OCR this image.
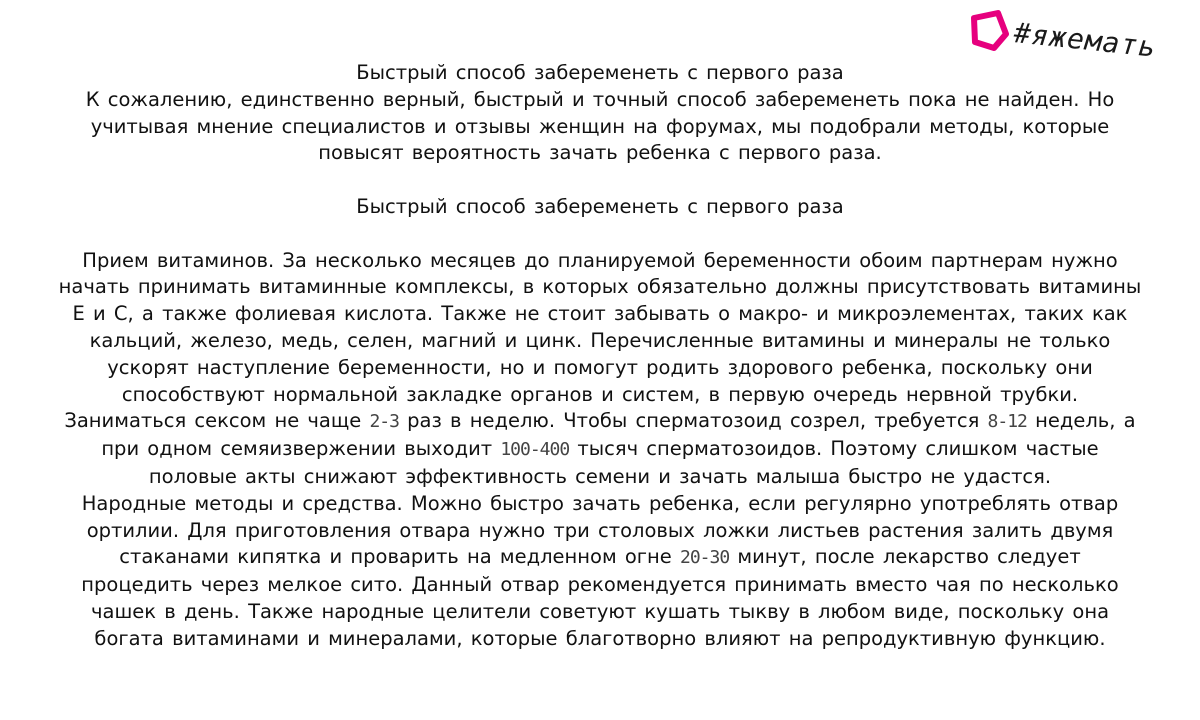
#яжемать
Быстрый способ забеременеть с первого раза
К сожалению, единственно верный, быстрый и точный способ забеременеть пока не найден. Но
учитывая мнение специалистов и отзывы женщин на форумах, мы подобрали методы, которые
повысят вероятность зачать ребенка с первого раза.
Быстрый способ забеременеть с первого раза
Прием витаминов. За несколько месяцев до планируемой беременности обоим партнерам нужно
начать принимать витаминные комплексы, в которых обязательно должны присутствовать витамины
Е и С, а также фолиевая кислота. Также не стоит забывать о макро- и микроэлементах, таких как
кальций, железо, медь, селен, магний и цинк. Перечисленные витамины и минералы не только
ускорят наступление беременности, но и помогут родить здорового ребенка, поскольку они
способствуют нормальной закладке органов и систем, в первую очередь нервной трубки.
Заниматься сексом не чаще 2-3 раз в неделю. Чтобы сперматозоид созрел, требуется 8-12 недель, а
при одном семяизвержении выходит 100-400 тысяч сперматозоидов. Поэтому слишком частые
половые акты снижают эффективность семени и зачать малыша быстро не удастся.
Народные методы и средства. Можно быстро зачать ребенка, если регулярно употреблять отвар
ортилии. Для приготовления отвара нужно три столовых ложки листьев растения залить двумя
стаканами кипятка и проварить на медленном огне 20-30 минут, после лекарство следует
процедить через мелкое сито. Данный отвар рекомендуется принимать вместо чая по несколько
чашек в день. Также народные целители советуют кушать тыкву в любом виде, поскольку она
богата витаминами и минералами, которые благотворно влияют на репродуктивную функцию.
